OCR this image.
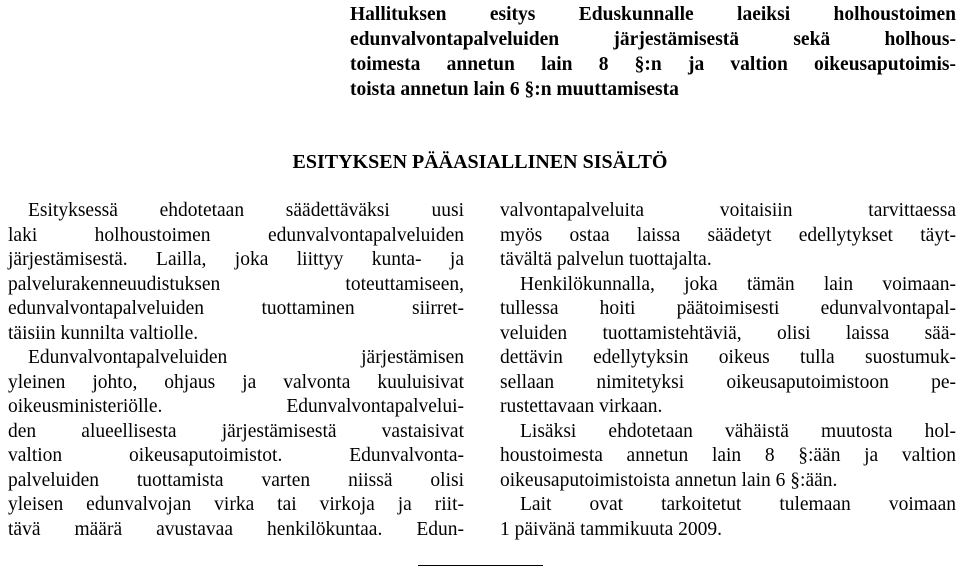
Hallituksen esitys Eduskunnalle laeiksi holhoustoimen
edunvalvontapalveluiden järjestämisestä sekä holhous-
toimesta annetun lain 8 §:n ja valtion oikeusaputoimis-
toista annetun lain 6 §:n muuttamisesta
ESITYKSEN PÄÄASIALLINEN SISÄLTÖ
Esityksessä ehdotetaan säädettäväksi uusi
laki holhoustoimen edunvalvontapalveluiden
järjestämisestä. Lailla, joka liittyy kunta- ja
palvelurakenneuudistuksen toteuttamiseen,
edunvalvontapalveluiden tuottaminen siirret-
täisiin kunnilta valtiolle.
Edunvalvontapalveluiden järjestämisen
yleinen johto, ohjaus ja valvonta kuuluisivat
oikeusministeriölle. Edunvalvontapalvelui-
den alueellisesta järjestämisestä vastaisivat
valtion oikeusaputoimistot. Edunvalvonta-
palveluiden tuottamista varten niissä olisi
yleisen edunvalvojan virka tai virkoja ja riit-
tävä määrä avustavaa henkilökuntaa. Edun-
valvontapalveluita voitaisiin tarvittaessa
myös ostaa laissa säädetyt edellytykset täyt-
tävältä palvelun tuottajalta.
Henkilökunnalla, joka tämän lain voimaan-
tullessa hoiti päätoimisesti edunvalvontapal-
veluiden tuottamistehtäviä, olisi laissa sää-
dettävin edellytyksin oikeus tulla suostumuk-
sellaan nimitetyksi oikeusaputoimistoon pe-
rustettavaan virkaan.
Lisäksi ehdotetaan vähäistä muutosta hol-
houstoimesta annetun lain 8 §:ään ja valtion
oikeusaputoimistoista annetun lain 6 §:ään.
Lait ovat tarkoitetut tulemaan voimaan
1 päivänä tammikuuta 2009.
